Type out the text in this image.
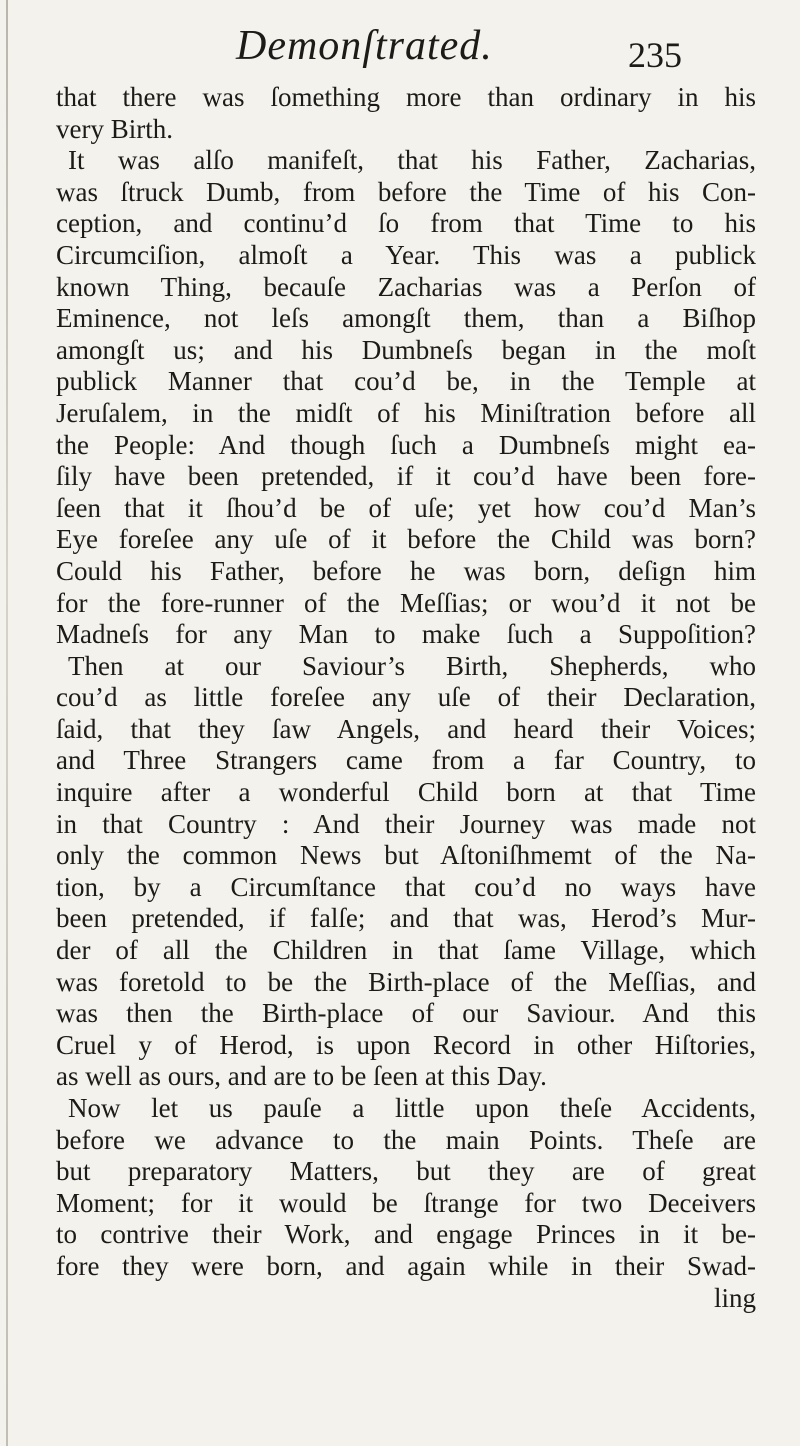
Demonſtrated.	235
that there was ſomething more than ordinary in his
very Birth.
It was alſo manifeſt, that his Father, Zacharias,
was ſtruck Dumb, from before the Time of his Con-
ception, and continu’d ſo from that Time to his
Circumciſion, almoſt a Year. This was a publick
known Thing, becauſe Zacharias was a Perſon of
Eminence, not leſs amongſt them, than a Biſhop
amongſt us; and his Dumbneſs began in the moſt
publick Manner that cou’d be, in the Temple at
Jeruſalem, in the midſt of his Miniſtration before all
the People: And though ſuch a Dumbneſs might ea-
ſily have been pretended, if it cou’d have been fore-
ſeen that it ſhou’d be of uſe; yet how cou’d Man’s
Eye foreſee any uſe of it before the Child was born?
Could his Father, before he was born, deſign him
for the fore-runner of the Meſſias; or wou’d it not be
Madneſs for any Man to make ſuch a Suppoſition?
Then at our Saviour’s Birth, Shepherds, who
cou’d as little foreſee any uſe of their Declaration,
ſaid, that they ſaw Angels, and heard their Voices;
and Three Strangers came from a far Country, to
inquire after a wonderful Child born at that Time
in that Country : And their Journey was made not
only the common News but Aſtoniſhmemt of the Na-
tion, by a Circumſtance that cou’d no ways have
been pretended, if falſe; and that was, Herod’s Mur-
der of all the Children in that ſame Village, which
was foretold to be the Birth-place of the Meſſias, and
was then the Birth-place of our Saviour. And this
Cruel y of Herod, is upon Record in other Hiſtories,
as well as ours, and are to be ſeen at this Day.
Now let us pauſe a little upon theſe Accidents,
before we advance to the main Points. Theſe are
but preparatory Matters, but they are of great
Moment; for it would be ſtrange for two Deceivers
to contrive their Work, and engage Princes in it be-
fore they were born, and again while in their Swad-
ling
